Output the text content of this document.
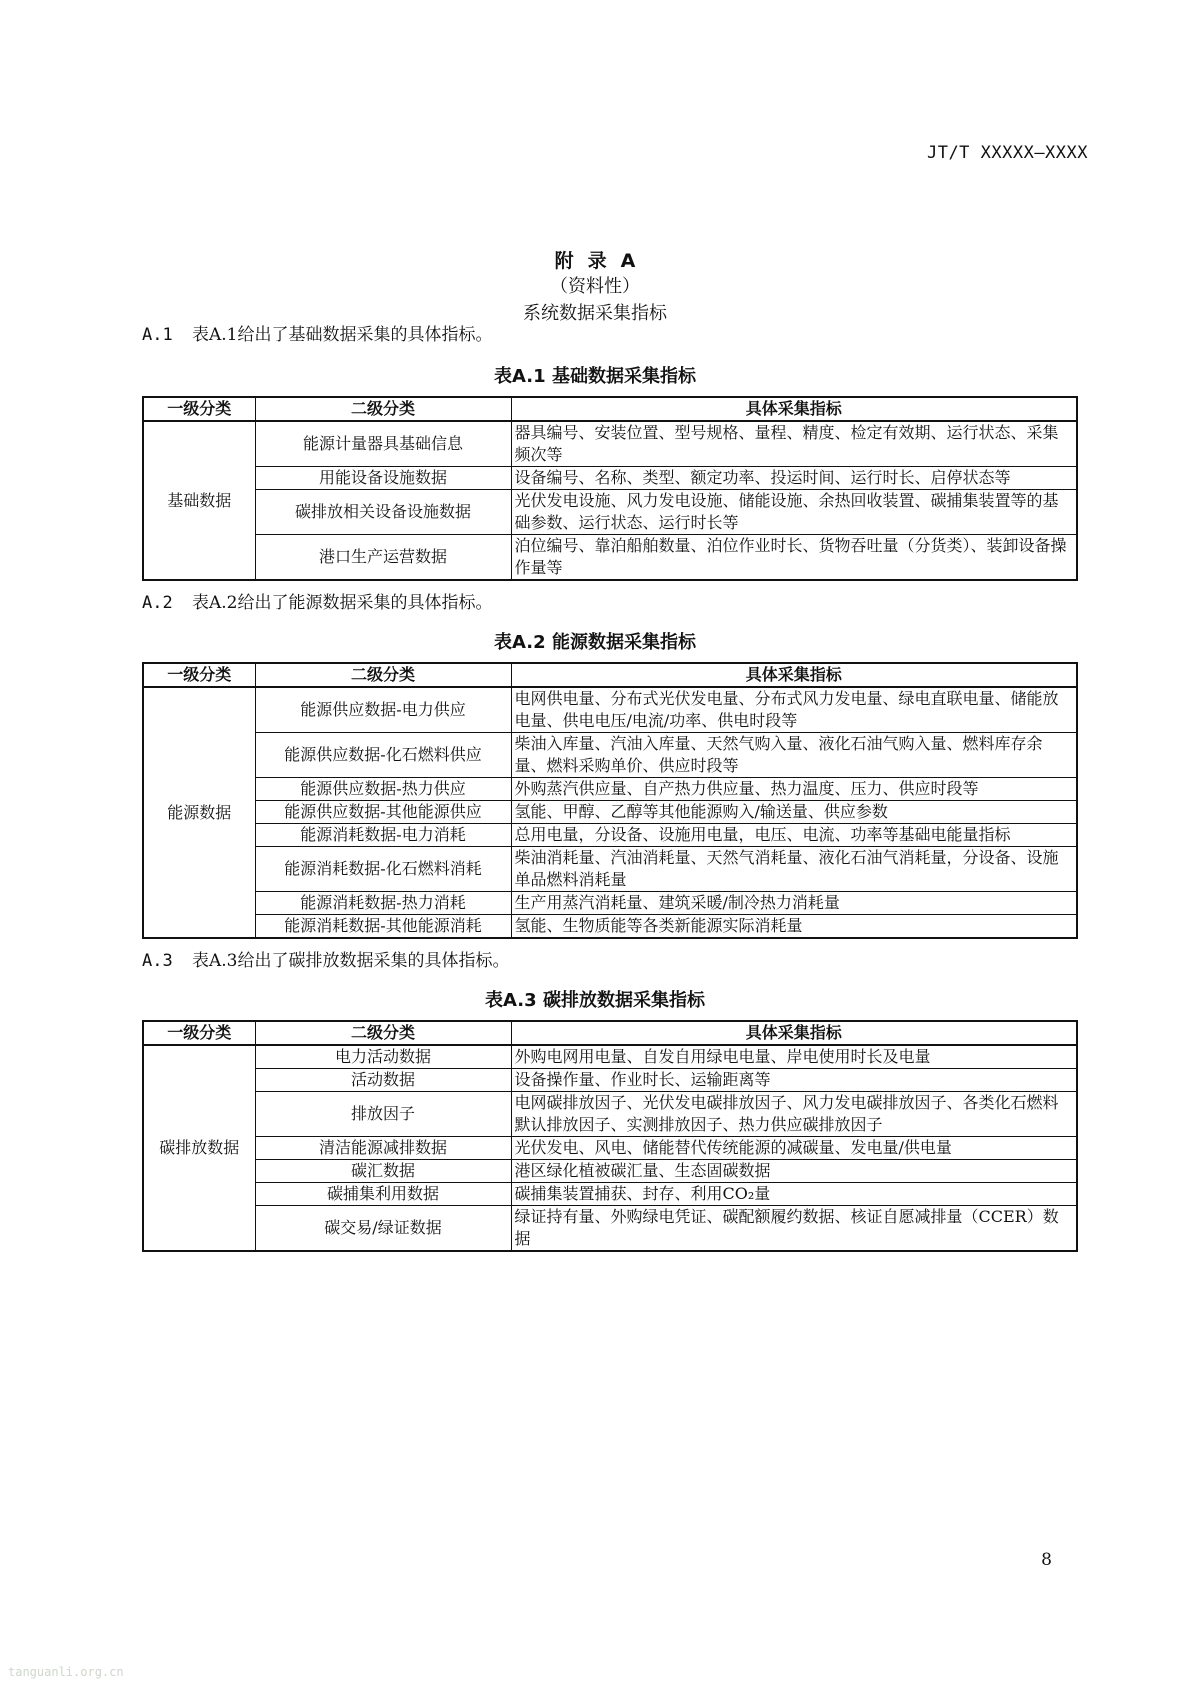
JT/T XXXXX—XXXX
附录A
（资料性）
系统数据采集指标
A.1 表A.1给出了基础数据采集的具体指标。
表A.1 基础数据采集指标
一级分类	二级分类	具体采集指标
基础数据	能源计量器具基础信息	器具编号、安装位置、型号规格、量程、精度、检定有效期、运行状态、采集频次等
	用能设备设施数据	设备编号、名称、类型、额定功率、投运时间、运行时长、启停状态等
	碳排放相关设备设施数据	光伏发电设施、风力发电设施、储能设施、余热回收装置、碳捕集装置等的基础参数、运行状态、运行时长等
	港口生产运营数据	泊位编号、靠泊船舶数量、泊位作业时长、货物吞吐量（分货类）、装卸设备操作量等
A.2 表A.2给出了能源数据采集的具体指标。
表A.2 能源数据采集指标
一级分类	二级分类	具体采集指标
能源数据	能源供应数据-电力供应	电网供电量、分布式光伏发电量、分布式风力发电量、绿电直联电量、储能放电量、供电电压/电流/功率、供电时段等
	能源供应数据-化石燃料供应	柴油入库量、汽油入库量、天然气购入量、液化石油气购入量、燃料库存余量、燃料采购单价、供应时段等
	能源供应数据-热力供应	外购蒸汽供应量、自产热力供应量、热力温度、压力、供应时段等
	能源供应数据-其他能源供应	氢能、甲醇、乙醇等其他能源购入/输送量、供应参数
	能源消耗数据-电力消耗	总用电量，分设备、设施用电量，电压、电流、功率等基础电能量指标
	能源消耗数据-化石燃料消耗	柴油消耗量、汽油消耗量、天然气消耗量、液化石油气消耗量，分设备、设施单品燃料消耗量
	能源消耗数据-热力消耗	生产用蒸汽消耗量、建筑采暖/制冷热力消耗量
	能源消耗数据-其他能源消耗	氢能、生物质能等各类新能源实际消耗量
A.3 表A.3给出了碳排放数据采集的具体指标。
表A.3 碳排放数据采集指标
一级分类	二级分类	具体采集指标
碳排放数据	电力活动数据	外购电网用电量、自发自用绿电电量、岸电使用时长及电量
	活动数据	设备操作量、作业时长、运输距离等
	排放因子	电网碳排放因子、光伏发电碳排放因子、风力发电碳排放因子、各类化石燃料默认排放因子、实测排放因子、热力供应碳排放因子
	清洁能源减排数据	光伏发电、风电、储能替代传统能源的减碳量、发电量/供电量
	碳汇数据	港区绿化植被碳汇量、生态固碳数据
	碳捕集利用数据	碳捕集装置捕获、封存、利用CO₂量
	碳交易/绿证数据	绿证持有量、外购绿电凭证、碳配额履约数据、核证自愿减排量（CCER）数据
8
tanguanli.org.cn
